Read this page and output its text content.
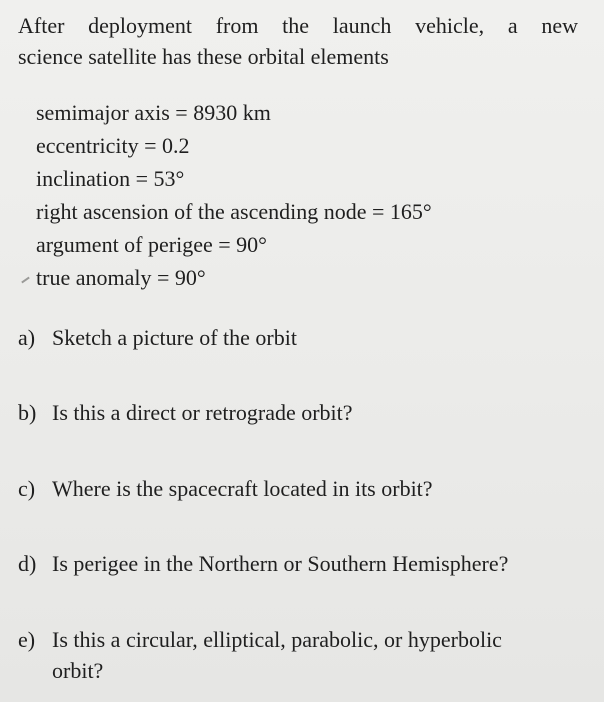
After deployment from the launch vehicle, a new
science satellite has these orbital elements

semimajor axis = 8930 km
eccentricity = 0.2
inclination = 53°
right ascension of the ascending node = 165°
argument of perigee = 90°
true anomaly = 90°
a) Sketch a picture of the orbit
b) Is this a direct or retrograde orbit?
c) Where is the spacecraft located in its orbit?
d) Is perigee in the Northern or Southern Hemisphere?
e) Is this a circular, elliptical, parabolic, or hyperbolic
orbit?
